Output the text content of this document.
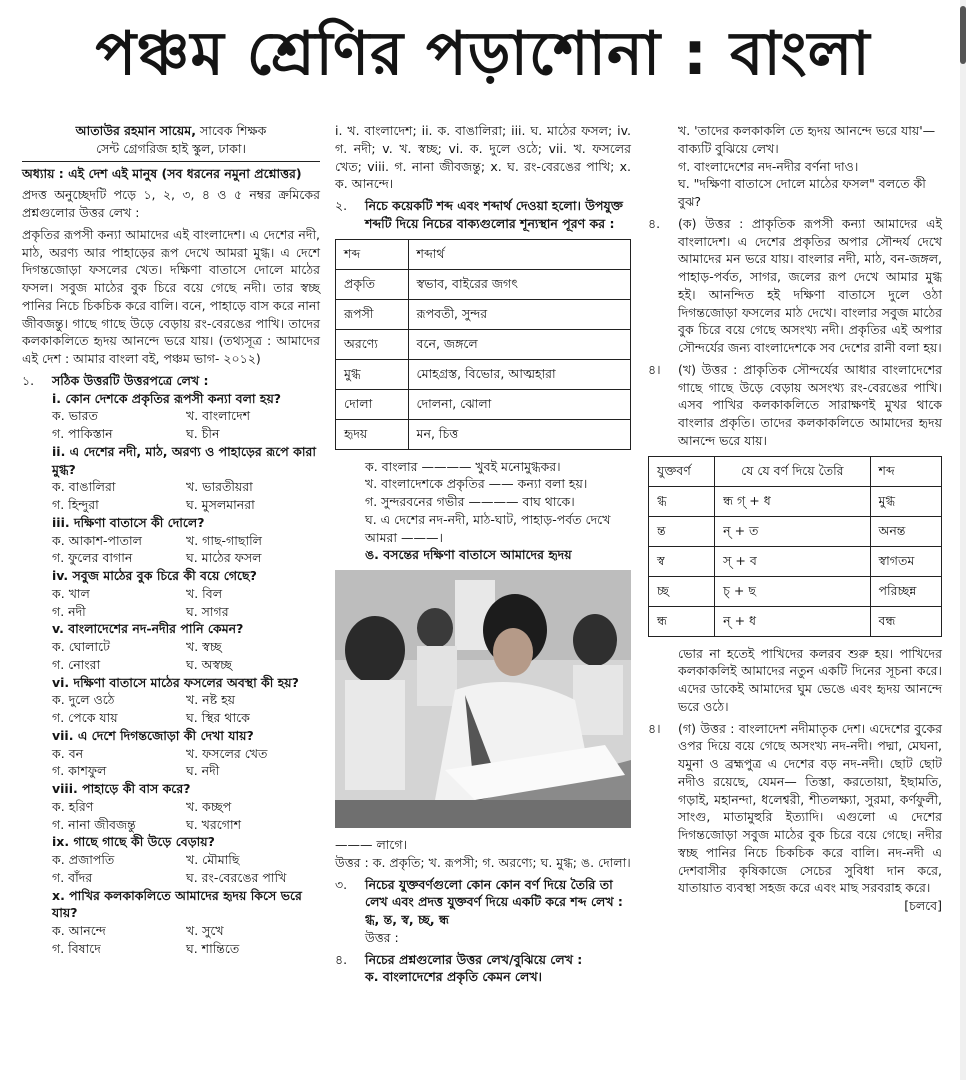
পঞ্চম শ্রেণির পড়াশোনা : বাংলা

আতাউর রহমান সায়েম, সাবেক শিক্ষক

সেন্ট গ্রেগরিজ হাই স্কুল, ঢাকা।

অধ্যায় : এই দেশ এই মানুষ (সব ধরনের নমুনা প্রশ্নোত্তর)

প্রদত্ত অনুচ্ছেদটি পড়ে ১, ২, ৩, ৪ ও ৫ নম্বর ক্রমিকের প্রশ্নগুলোর উত্তর লেখ :

প্রকৃতির রূপসী কন্যা আমাদের এই বাংলাদেশ। এ দেশের নদী, মাঠ, অরণ্য আর পাহাড়ের রূপ দেখে আমরা মুগ্ধ। এ দেশে দিগন্তজোড়া ফসলের খেত। দক্ষিণা বাতাসে দোলে মাঠের ফসল। সবুজ মাঠের বুক চিরে বয়ে গেছে নদী। তার স্বচ্ছ পানির নিচে চিকচিক করে বালি। বনে, পাহাড়ে বাস করে নানা জীবজন্তু। গাছে গাছে উড়ে বেড়ায় রং-বেরঙের পাখি। তাদের কলকাকলিতে হৃদয় আনন্দে ভরে যায়। (তথ্যসূত্র : আমাদের এই দেশ : আমার বাংলা বই, পঞ্চম ভাগ- ২০১২)

১.	সঠিক উত্তরটি উত্তরপত্রে লেখ :

i. কোন দেশকে প্রকৃতির রূপসী কন্যা বলা হয়?

ক. ভারত	খ. বাংলাদেশ
গ. পাকিস্তান	ঘ. চীন

ii. এ দেশের নদী, মাঠ, অরণ্য ও পাহাড়ের রূপে কারা মুগ্ধ?

ক. বাঙালিরা	খ. ভারতীয়রা
গ. হিন্দুরা	ঘ. মুসলমানরা

iii. দক্ষিণা বাতাসে কী দোলে?

ক. আকাশ-পাতাল	খ. গাছ-গাছালি
গ. ফুলের বাগান	ঘ. মাঠের ফসল

iv. সবুজ মাঠের বুক চিরে কী বয়ে গেছে?

ক. খাল	খ. বিল
গ. নদী	ঘ. সাগর

v. বাংলাদেশের নদ-নদীর পানি কেমন?

ক. ঘোলাটে	খ. স্বচ্ছ
গ. নোংরা	ঘ. অস্বচ্ছ

vi. দক্ষিণা বাতাসে মাঠের ফসলের অবস্থা কী হয়?

ক. দুলে ওঠে	খ. নষ্ট হয়
গ. পেকে যায়	ঘ. স্থির থাকে

vii. এ দেশে দিগন্তজোড়া কী দেখা যায়?

ক. বন	খ. ফসলের খেত
গ. কাশফুল	ঘ. নদী

viii. পাহাড়ে কী বাস করে?

ক. হরিণ	খ. কচ্ছপ
গ. নানা জীবজন্তু	ঘ. খরগোশ

ix. গাছে গাছে কী উড়ে বেড়ায়?

ক. প্রজাপতি	খ. মৌমাছি
গ. বাঁদর	ঘ. রং-বেরঙের পাখি

x. পাখির কলকাকলিতে আমাদের হৃদয় কিসে ভরে যায়?

ক. আনন্দে	খ. সুখে
গ. বিষাদে	ঘ. শান্তিতে

i. খ. বাংলাদেশ; ii. ক. বাঙালিরা; iii. ঘ. মাঠের ফসল; iv. গ. নদী; v. খ. স্বচ্ছ; vi. ক. দুলে ওঠে; vii. খ. ফসলের খেত; viii. গ. নানা জীবজন্তু; x. ঘ. রং-বেরঙের পাখি; x. ক. আনন্দে।

২.	নিচে কয়েকটি শব্দ এবং শব্দার্থ দেওয়া হলো। উপযুক্ত শব্দটি দিয়ে নিচের বাক্যগুলোর শূন্যস্থান পূরণ কর :
শব্দ	শব্দার্থ
প্রকৃতি	স্বভাব, বাইরের জগৎ
রূপসী	রূপবতী, সুন্দর
অরণ্যে	বনে, জঙ্গলে
মুগ্ধ	মোহগ্রস্ত, বিভোর, আত্মহারা
দোলা	দোলনা, ঝোলা
হৃদয়	মন, চিত্ত

ক. বাংলার ———— খুবই মনোমুগ্ধকর।

খ. বাংলাদেশকে প্রকৃতির —— কন্যা বলা হয়।

গ. সুন্দরবনের গভীর ———— বাঘ থাকে।

ঘ. এ দেশের নদ-নদী, মাঠ-ঘাট, পাহাড়-পর্বত দেখে আমরা ———।

ঙ. বসন্তের দক্ষিণা বাতাসে আমাদের হৃদয়

——— লাগে।

উত্তর : ক. প্রকৃতি; খ. রূপসী; গ. অরণ্যে; ঘ. মুগ্ধ; ঙ. দোলা।

৩.	নিচের যুক্তবর্ণগুলো কোন কোন বর্ণ দিয়ে তৈরি তা লেখ এবং প্রদত্ত যুক্তবর্ণ দিয়ে একটি করে শব্দ লেখ : গ্ধ, ন্ত, স্ব, চ্ছ, ন্ধ

উত্তর :

৪.	নিচের প্রশ্নগুলোর উত্তর লেখ/বুঝিয়ে লেখ :

ক. বাংলাদেশের প্রকৃতি কেমন লেখ।

খ. 'তাদের কলকাকলি তে হৃদয় আনন্দে ভরে যায়'—

বাক্যটি বুঝিয়ে লেখ।

গ. বাংলাদেশের নদ-নদীর বর্ণনা দাও।

ঘ. "দক্ষিণা বাতাসে দোলে মাঠের ফসল" বলতে কী বুঝ?

৪.	(ক) উত্তর : প্রাকৃতিক রূপসী কন্যা আমাদের এই বাংলাদেশ। এ দেশের প্রকৃতির অপার সৌন্দর্য দেখে আমাদের মন ভরে যায়। বাংলার নদী, মাঠ, বন-জঙ্গল, পাহাড়-পর্বত, সাগর, জলের রূপ দেখে আমার মুগ্ধ হই। আনন্দিত হই দক্ষিণা বাতাসে দুলে ওঠা দিগন্তজোড়া ফসলের মাঠ দেখে। বাংলার সবুজ মাঠের বুক চিরে বয়ে গেছে অসংখ্য নদী। প্রকৃতির এই অপার সৌন্দর্যের জন্য বাংলাদেশকে সব দেশের রানী বলা হয়।
৪।	(খ) উত্তর : প্রাকৃতিক সৌন্দর্যের আধার বাংলাদেশের গাছে গাছে উড়ে বেড়ায় অসংখ্য রং-বেরঙের পাখি। এসব পাখির কলকাকলিতে সারাক্ষণই মুখর থাকে বাংলার প্রকৃতি। তাদের কলকাকলিতে আমাদের হৃদয় আনন্দে ভরে যায়।
যুক্তবর্ণ	যে যে বর্ণ দিয়ে তৈরি	শব্দ
গ্ধ	ন্ধ গ্ + ধ	মুগ্ধ
ন্ত	ন্ + ত	অনন্ত
স্ব	স্ + ব	স্বাগতম
চ্ছ	চ্ + ছ	পরিচ্ছন্ন
ন্ধ	ন্ + ধ	বন্ধ

ভোর না হতেই পাখিদের কলরব শুরু হয়। পাখিদের কলকাকলিই আমাদের নতুন একটি দিনের সূচনা করে। এদের ডাকেই আমাদের ঘুম ভেঙে এবং হৃদয় আনন্দে ভরে ওঠে।

৪।	(গ) উত্তর : বাংলাদেশ নদীমাতৃক দেশ। এদেশের বুকের ওপর দিয়ে বয়ে গেছে অসংখ্য নদ-নদী। পদ্মা, মেঘনা, যমুনা ও ব্রহ্মপুত্র এ দেশের বড় নদ-নদী। ছোট ছোট নদীও রয়েছে, যেমন— তিস্তা, করতোয়া, ইছামতি, গড়াই, মহানন্দা, ধলেশ্বরী, শীতলক্ষ্যা, সুরমা, কর্ণফুলী, সাংগু, মাতামুহুরি ইত্যাদি। এগুলো এ দেশের দিগন্তজোড়া সবুজ মাঠের বুক চিরে বয়ে গেছে। নদীর স্বচ্ছ পানির নিচে চিকচিক করে বালি। নদ-নদী এ দেশবাসীর কৃষিকাজে সেচের সুবিধা দান করে, যাতায়াত ব্যবস্থা সহজ করে এবং মাছ সরবরাহ করে।
[চলবে]
